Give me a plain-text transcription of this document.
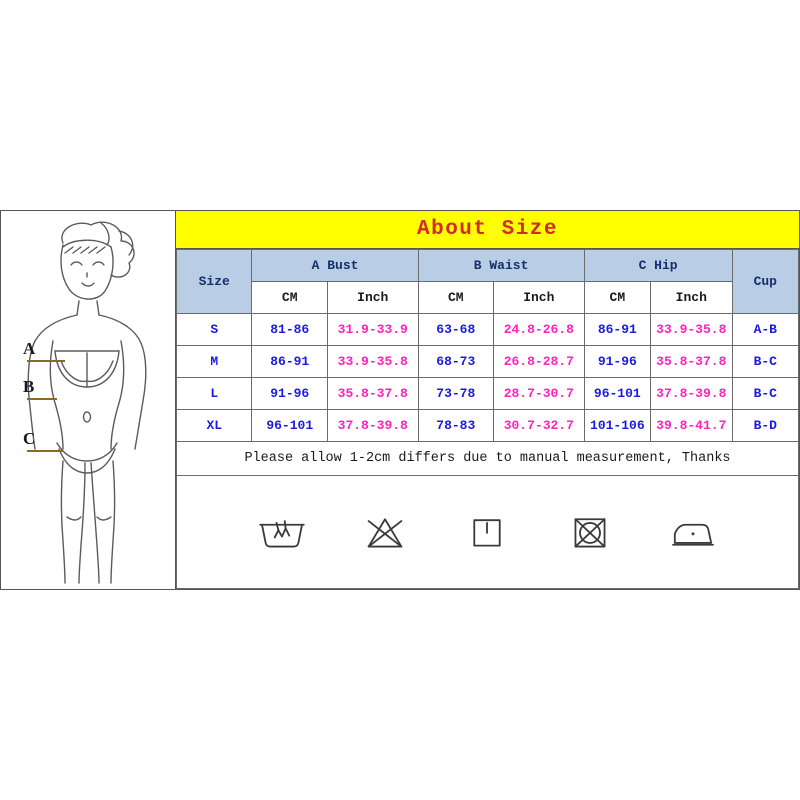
A
B
C
About Size
Size	A Bust		B Waist		C Hip		Cup
	CM	Inch	CM	Inch	CM	Inch	
S	81-86	31.9-33.9	63-68	24.8-26.8	86-91	33.9-35.8	A-B
M	86-91	33.9-35.8	68-73	26.8-28.7	91-96	35.8-37.8	B-C
L	91-96	35.8-37.8	73-78	28.7-30.7	96-101	37.8-39.8	B-C
XL	96-101	37.8-39.8	78-83	30.7-32.7	101-106	39.8-41.7	B-D
Please allow 1-2cm differs due to manual measurement, Thanks
